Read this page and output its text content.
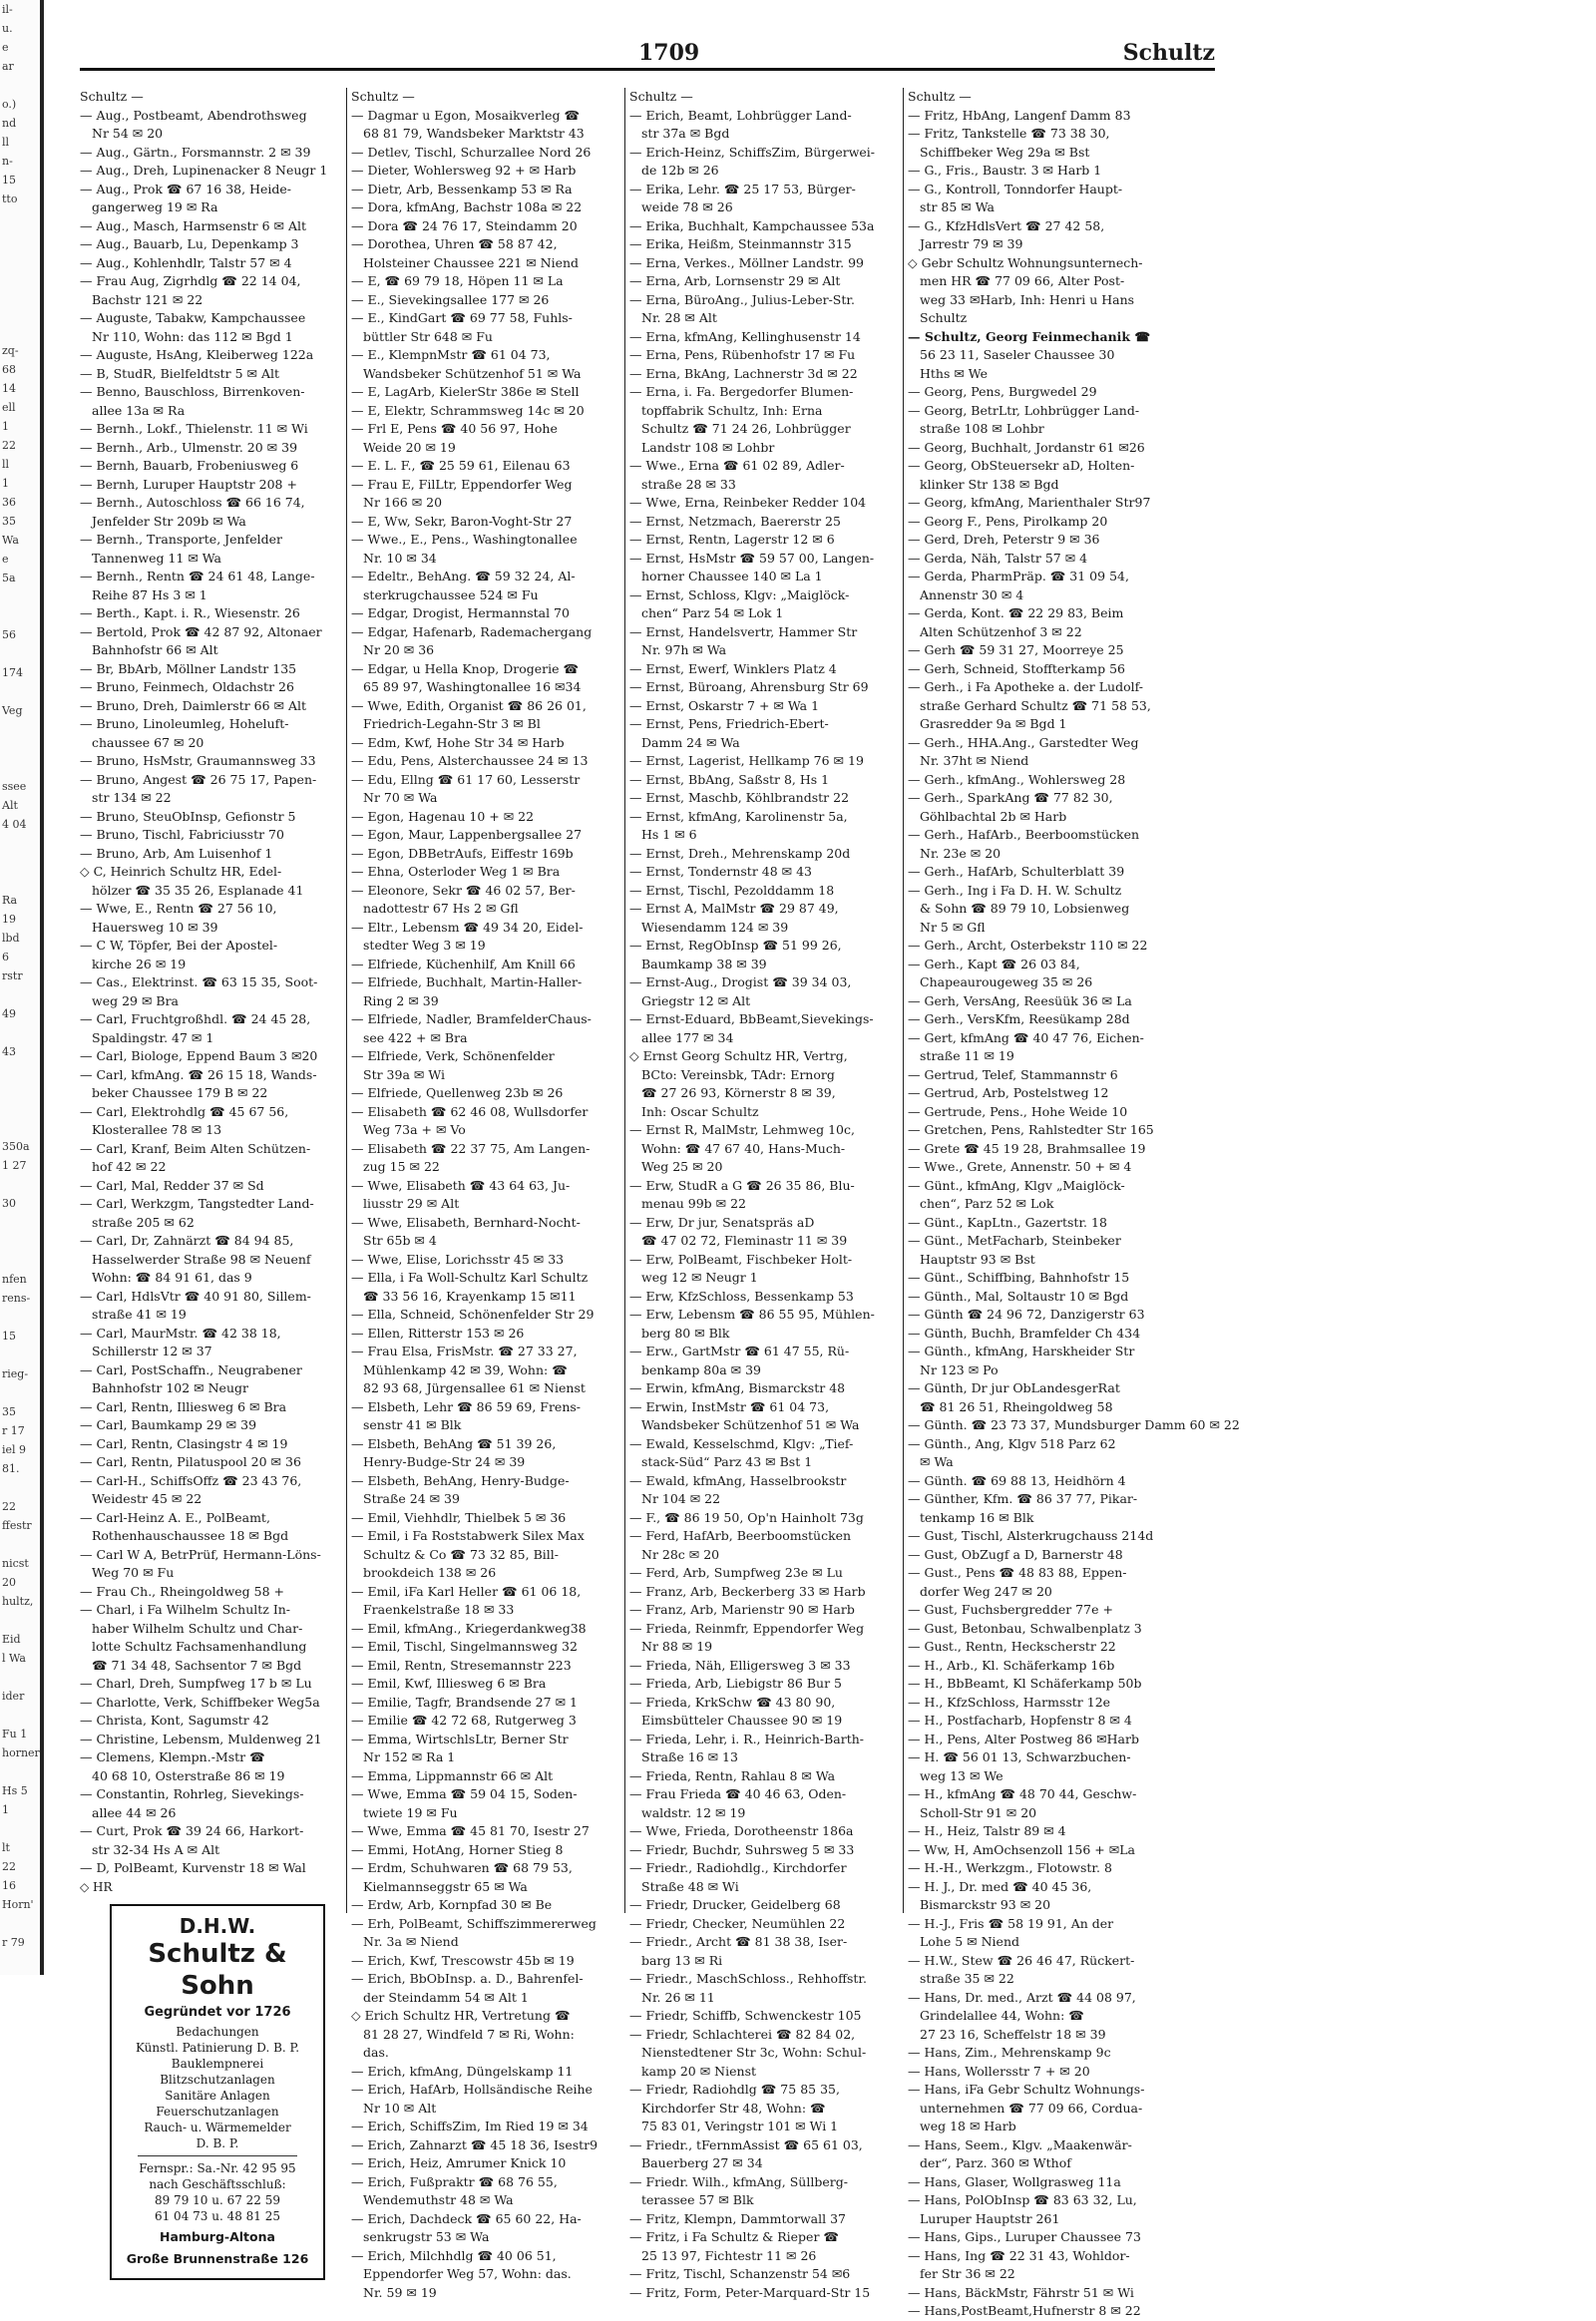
il-
u.
e
ar

o.)
nd
ll
n-
15
tto

zq-
68
14
ell
1
22
ll
1
36
35
Wa
e
5a

56

174

Veg

ssee
Alt
4 04

Ra
19
lbd
6
rstr

49

43

350a
1 27

30

nfen
rens-

15

rieg-

35
r 17
iel 9
81.

22
ffestr

nicst
20
hultz,

Eid
l Wa

ider

Fu 1
horner

Hs 5
1

lt
22
16
Horn'

r 79
1709	Schultz
Schultz —
— Aug., Postbeamt, Abendrothsweg
Nr 54 ✉ 20
— Aug., Gärtn., Forsmannstr. 2 ✉ 39
— Aug., Dreh, Lupinenacker 8 Neugr 1
— Aug., Prok ☎ 67 16 38, Heide-
gangerweg 19 ✉ Ra
— Aug., Masch, Harmsenstr 6 ✉ Alt
— Aug., Bauarb, Lu, Depenkamp 3
— Aug., Kohlenhdlr, Talstr 57 ✉ 4
— Frau Aug, Zigrhdlg ☎ 22 14 04,
Bachstr 121 ✉ 22
— Auguste, Tabakw, Kampchaussee
Nr 110, Wohn: das 112 ✉ Bgd 1
— Auguste, HsAng, Kleiberweg 122a
— B, StudR, Bielfeldtstr 5 ✉ Alt
— Benno, Bauschloss, Birrenkoven-
allee 13a ✉ Ra
— Bernh., Lokf., Thielenstr. 11 ✉ Wi
— Bernh., Arb., Ulmenstr. 20 ✉ 39
— Bernh, Bauarb, Frobeniusweg 6
— Bernh, Luruper Hauptstr 208 +
— Bernh., Autoschloss ☎ 66 16 74,
Jenfelder Str 209b ✉ Wa
— Bernh., Transporte, Jenfelder
Tannenweg 11 ✉ Wa
— Bernh., Rentn ☎ 24 61 48, Lange-
Reihe 87 Hs 3 ✉ 1
— Berth., Kapt. i. R., Wiesenstr. 26
— Bertold, Prok ☎ 42 87 92, Altonaer
Bahnhofstr 66 ✉ Alt
— Br, BbArb, Möllner Landstr 135
— Bruno, Feinmech, Oldachstr 26
— Bruno, Dreh, Daimlerstr 66 ✉ Alt
— Bruno, Linoleumleg, Hoheluft-
chaussee 67 ✉ 20
— Bruno, HsMstr, Graumannsweg 33
— Bruno, Angest ☎ 26 75 17, Papen-
str 134 ✉ 22
— Bruno, SteuObInsp, Gefionstr 5
— Bruno, Tischl, Fabriciusstr 70
— Bruno, Arb, Am Luisenhof 1
◇ C, Heinrich Schultz HR, Edel-
hölzer ☎ 35 35 26, Esplanade 41
— Wwe, E., Rentn ☎ 27 56 10,
Hauersweg 10 ✉ 39
— C W, Töpfer, Bei der Apostel-
kirche 26 ✉ 19
— Cas., Elektrinst. ☎ 63 15 35, Soot-
weg 29 ✉ Bra
— Carl, Fruchtgroßhdl. ☎ 24 45 28,
Spaldingstr. 47 ✉ 1
— Carl, Biologe, Eppend Baum 3 ✉20
— Carl, kfmAng. ☎ 26 15 18, Wands-
beker Chaussee 179 B ✉ 22
— Carl, Elektrohdlg ☎ 45 67 56,
Klosterallee 78 ✉ 13
— Carl, Kranf, Beim Alten Schützen-
hof 42 ✉ 22
— Carl, Mal, Redder 37 ✉ Sd
— Carl, Werkzgm, Tangstedter Land-
straße 205 ✉ 62
— Carl, Dr, Zahnärzt ☎ 84 94 85,
Hasselwerder Straße 98 ✉ Neuenf
Wohn: ☎ 84 91 61, das 9
— Carl, HdlsVtr ☎ 40 91 80, Sillem-
straße 41 ✉ 19
— Carl, MaurMstr. ☎ 42 38 18,
Schillerstr 12 ✉ 37
— Carl, PostSchaffn., Neugrabener
Bahnhofstr 102 ✉ Neugr
— Carl, Rentn, Illiesweg 6 ✉ Bra
— Carl, Baumkamp 29 ✉ 39
— Carl, Rentn, Clasingstr 4 ✉ 19
— Carl, Rentn, Pilatuspool 20 ✉ 36
— Carl-H., SchiffsOffz ☎ 23 43 76,
Weidestr 45 ✉ 22
— Carl-Heinz A. E., PolBeamt,
Rothenhauschaussee 18 ✉ Bgd
— Carl W A, BetrPrüf, Hermann-Löns-
Weg 70 ✉ Fu
— Frau Ch., Rheingoldweg 58 +
— Charl, i Fa Wilhelm Schultz In-
haber Wilhelm Schultz und Char-
lotte Schultz Fachsamenhandlung
☎ 71 34 48, Sachsentor 7 ✉ Bgd
— Charl, Dreh, Sumpfweg 17 b ✉ Lu
— Charlotte, Verk, Schiffbeker Weg5a
— Christa, Kont, Sagumstr 42
— Christine, Lebensm, Muldenweg 21
— Clemens, Klempn.-Mstr ☎
40 68 10, Osterstraße 86 ✉ 19
— Constantin, Rohrleg, Sievekings-
allee 44 ✉ 26
— Curt, Prok ☎ 39 24 66, Harkort-
str 32-34 Hs A ✉ Alt
— D, PolBeamt, Kurvenstr 18 ✉ Wal
◇ HR
D.H.W.
Schultz & Sohn
Gegründet vor 1726
Bedachungen
Künstl. Patinierung D. B. P.
Bauklempnerei
Blitzschutzanlagen
Sanitäre Anlagen
Feuerschutzanlagen
Rauch- u. Wärmemelder
D. B. P.
Fernspr.: Sa.-Nr. 42 95 95
nach Geschäftsschluß:
89 79 10 u. 67 22 59
61 04 73 u. 48 81 25
Hamburg-Altona
Große Brunnenstraße 126
Schultz —
— Dagmar u Egon, Mosaikverleg ☎
68 81 79, Wandsbeker Marktstr 43
— Detlev, Tischl, Schurzallee Nord 26
— Dieter, Wohlersweg 92 + ✉ Harb
— Dietr, Arb, Bessenkamp 53 ✉ Ra
— Dora, kfmAng, Bachstr 108a ✉ 22
— Dora ☎ 24 76 17, Steindamm 20
— Dorothea, Uhren ☎ 58 87 42,
Holsteiner Chaussee 221 ✉ Niend
— E, ☎ 69 79 18, Höpen 11 ✉ La
— E., Sievekingsallee 177 ✉ 26
— E., KindGart ☎ 69 77 58, Fuhls-
büttler Str 648 ✉ Fu
— E., KlempnMstr ☎ 61 04 73,
Wandsbeker Schützenhof 51 ✉ Wa
— E, LagArb, KielerStr 386e ✉ Stell
— E, Elektr, Schrammsweg 14c ✉ 20
— Frl E, Pens ☎ 40 56 97, Hohe
Weide 20 ✉ 19
— E. L. F., ☎ 25 59 61, Eilenau 63
— Frau E, FilLtr, Eppendorfer Weg
Nr 166 ✉ 20
— E, Ww, Sekr, Baron-Voght-Str 27
— Wwe., E., Pens., Washingtonallee
Nr. 10 ✉ 34
— Edeltr., BehAng. ☎ 59 32 24, Al-
sterkrugchaussee 524 ✉ Fu
— Edgar, Drogist, Hermannstal 70
— Edgar, Hafenarb, Rademachergang
Nr 20 ✉ 36
— Edgar, u Hella Knop, Drogerie ☎
65 89 97, Washingtonallee 16 ✉34
— Wwe, Edith, Organist ☎ 86 26 01,
Friedrich-Legahn-Str 3 ✉ Bl
— Edm, Kwf, Hohe Str 34 ✉ Harb
— Edu, Pens, Alsterchaussee 24 ✉ 13
— Edu, Ellng ☎ 61 17 60, Lesserstr
Nr 70 ✉ Wa
— Egon, Hagenau 10 + ✉ 22
— Egon, Maur, Lappenbergsallee 27
— Egon, DBBetrAufs, Eiffestr 169b
— Ehna, Osterloder Weg 1 ✉ Bra
— Eleonore, Sekr ☎ 46 02 57, Ber-
nadottestr 67 Hs 2 ✉ Gfl
— Eltr., Lebensm ☎ 49 34 20, Eidel-
stedter Weg 3 ✉ 19
— Elfriede, Küchenhilf, Am Knill 66
— Elfriede, Buchhalt, Martin-Haller-
Ring 2 ✉ 39
— Elfriede, Nadler, BramfelderChaus-
see 422 + ✉ Bra
— Elfriede, Verk, Schönenfelder
Str 39a ✉ Wi
— Elfriede, Quellenweg 23b ✉ 26
— Elisabeth ☎ 62 46 08, Wullsdorfer
Weg 73a + ✉ Vo
— Elisabeth ☎ 22 37 75, Am Langen-
zug 15 ✉ 22
— Wwe, Elisabeth ☎ 43 64 63, Ju-
liusstr 29 ✉ Alt
— Wwe, Elisabeth, Bernhard-Nocht-
Str 65b ✉ 4
— Wwe, Elise, Lorichsstr 45 ✉ 33
— Ella, i Fa Woll-Schultz Karl Schultz
☎ 33 56 16, Krayenkamp 15 ✉11
— Ella, Schneid, Schönenfelder Str 29
— Ellen, Ritterstr 153 ✉ 26
— Frau Elsa, FrisMstr. ☎ 27 33 27,
Mühlenkamp 42 ✉ 39, Wohn: ☎
82 93 68, Jürgensallee 61 ✉ Nienst
— Elsbeth, Lehr ☎ 86 59 69, Frens-
senstr 41 ✉ Blk
— Elsbeth, BehAng ☎ 51 39 26,
Henry-Budge-Str 24 ✉ 39
— Elsbeth, BehAng, Henry-Budge-
Straße 24 ✉ 39
— Emil, Viehhdlr, Thielbek 5 ✉ 36
— Emil, i Fa Roststabwerk Silex Max
Schultz & Co ☎ 73 32 85, Bill-
brookdeich 138 ✉ 26
— Emil, iFa Karl Heller ☎ 61 06 18,
Fraenkelstraße 18 ✉ 33
— Emil, kfmAng., Kriegerdankweg38
— Emil, Tischl, Singelmannsweg 32
— Emil, Rentn, Stresemannstr 223
— Emil, Kwf, Illiesweg 6 ✉ Bra
— Emilie, Tagfr, Brandsende 27 ✉ 1
— Emilie ☎ 42 72 68, Rutgerweg 3
— Emma, WirtschlsLtr, Berner Str
Nr 152 ✉ Ra 1
— Emma, Lippmannstr 66 ✉ Alt
— Wwe, Emma ☎ 59 04 15, Soden-
twiete 19 ✉ Fu
— Wwe, Emma ☎ 45 81 70, Isestr 27
— Emmi, HotAng, Horner Stieg 8
— Erdm, Schuhwaren ☎ 68 79 53,
Kielmannseggstr 65 ✉ Wa
— Erdw, Arb, Kornpfad 30 ✉ Be
— Erh, PolBeamt, Schiffszimmererweg
Nr. 3a ✉ Niend
— Erich, Kwf, Trescowstr 45b ✉ 19
— Erich, BbObInsp. a. D., Bahrenfel-
der Steindamm 54 ✉ Alt 1
◇ Erich Schultz HR, Vertretung ☎
81 28 27, Windfeld 7 ✉ Ri, Wohn:
das.
— Erich, kfmAng, Düngelskamp 11
— Erich, HafArb, Hollsändische Reihe
Nr 10 ✉ Alt
— Erich, SchiffsZim, Im Ried 19 ✉ 34
— Erich, Zahnarzt ☎ 45 18 36, Isestr9
— Erich, Heiz, Amrumer Knick 10
— Erich, Fußpraktr ☎ 68 76 55,
Wendemuthstr 48 ✉ Wa
— Erich, Dachdeck ☎ 65 60 22, Ha-
senkrugstr 53 ✉ Wa
— Erich, Milchhdlg ☎ 40 06 51,
Eppendorfer Weg 57, Wohn: das.
Nr. 59 ✉ 19
Schultz —
— Erich, Beamt, Lohbrügger Land-
str 37a ✉ Bgd
— Erich-Heinz, SchiffsZim, Bürgerwei-
de 12b ✉ 26
— Erika, Lehr. ☎ 25 17 53, Bürger-
weide 78 ✉ 26
— Erika, Buchhalt, Kampchaussee 53a
— Erika, Heißm, Steinmannstr 315
— Erna, Verkes., Möllner Landstr. 99
— Erna, Arb, Lornsenstr 29 ✉ Alt
— Erna, BüroAng., Julius-Leber-Str.
Nr. 28 ✉ Alt
— Erna, kfmAng, Kellinghusenstr 14
— Erna, Pens, Rübenhofstr 17 ✉ Fu
— Erna, BkAng, Lachnerstr 3d ✉ 22
— Erna, i. Fa. Bergedorfer Blumen-
topffabrik Schultz, Inh: Erna
Schultz ☎ 71 24 26, Lohbrügger
Landstr 108 ✉ Lohbr
— Wwe., Erna ☎ 61 02 89, Adler-
straße 28 ✉ 33
— Wwe, Erna, Reinbeker Redder 104
— Ernst, Netzmach, Baererstr 25
— Ernst, Rentn, Lagerstr 12 ✉ 6
— Ernst, HsMstr ☎ 59 57 00, Langen-
horner Chaussee 140 ✉ La 1
— Ernst, Schloss, Klgv: „Maiglöck-
chen“ Parz 54 ✉ Lok 1
— Ernst, Handelsvertr, Hammer Str
Nr. 97h ✉ Wa
— Ernst, Ewerf, Winklers Platz 4
— Ernst, Büroang, Ahrensburg Str 69
— Ernst, Oskarstr 7 + ✉ Wa 1
— Ernst, Pens, Friedrich-Ebert-
Damm 24 ✉ Wa
— Ernst, Lagerist, Hellkamp 76 ✉ 19
— Ernst, BbAng, Saßstr 8, Hs 1
— Ernst, Maschb, Köhlbrandstr 22
— Ernst, kfmAng, Karolinenstr 5a,
Hs 1 ✉ 6
— Ernst, Dreh., Mehrenskamp 20d
— Ernst, Tondernstr 48 ✉ 43
— Ernst, Tischl, Pezolddamm 18
— Ernst A, MalMstr ☎ 29 87 49,
Wiesendamm 124 ✉ 39
— Ernst, RegObInsp ☎ 51 99 26,
Baumkamp 38 ✉ 39
— Ernst-Aug., Drogist ☎ 39 34 03,
Griegstr 12 ✉ Alt
— Ernst-Eduard, BbBeamt,Sievekings-
allee 177 ✉ 34
◇ Ernst Georg Schultz HR, Vertrg,
BCto: Vereinsbk, TAdr: Ernorg
☎ 27 26 93, Körnerstr 8 ✉ 39,
Inh: Oscar Schultz
— Ernst R, MalMstr, Lehmweg 10c,
Wohn: ☎ 47 67 40, Hans-Much-
Weg 25 ✉ 20
— Erw, StudR a G ☎ 26 35 86, Blu-
menau 99b ✉ 22
— Erw, Dr jur, Senatspräs aD
☎ 47 02 72, Fleminastr 11 ✉ 39
— Erw, PolBeamt, Fischbeker Holt-
weg 12 ✉ Neugr 1
— Erw, KfzSchloss, Bessenkamp 53
— Erw, Lebensm ☎ 86 55 95, Mühlen-
berg 80 ✉ Blk
— Erw., GartMstr ☎ 61 47 55, Rü-
benkamp 80a ✉ 39
— Erwin, kfmAng, Bismarckstr 48
— Erwin, InstMstr ☎ 61 04 73,
Wandsbeker Schützenhof 51 ✉ Wa
— Ewald, Kesselschmd, Klgv: „Tief-
stack-Süd“ Parz 43 ✉ Bst 1
— Ewald, kfmAng, Hasselbrookstr
Nr 104 ✉ 22
— F., ☎ 86 19 50, Op'n Hainholt 73g
— Ferd, HafArb, Beerboomstücken
Nr 28c ✉ 20
— Ferd, Arb, Sumpfweg 23e ✉ Lu
— Franz, Arb, Beckerberg 33 ✉ Harb
— Franz, Arb, Marienstr 90 ✉ Harb
— Frieda, Reinmfr, Eppendorfer Weg
Nr 88 ✉ 19
— Frieda, Näh, Elligersweg 3 ✉ 33
— Frieda, Arb, Liebigstr 86 Bur 5
— Frieda, KrkSchw ☎ 43 80 90,
Eimsbütteler Chaussee 90 ✉ 19
— Frieda, Lehr, i. R., Heinrich-Barth-
Straße 16 ✉ 13
— Frieda, Rentn, Rahlau 8 ✉ Wa
— Frau Frieda ☎ 40 46 63, Oden-
waldstr. 12 ✉ 19
— Wwe, Frieda, Dorotheenstr 186a
— Friedr, Buchdr, Suhrsweg 5 ✉ 33
— Friedr., Radiohdlg., Kirchdorfer
Straße 48 ✉ Wi
— Friedr, Drucker, Geidelberg 68
— Friedr, Checker, Neumühlen 22
— Friedr., Archt ☎ 81 38 38, Iser-
barg 13 ✉ Ri
— Friedr., MaschSchloss., Rehhoffstr.
Nr. 26 ✉ 11
— Friedr, Schiffb, Schwenckestr 105
— Friedr, Schlachterei ☎ 82 84 02,
Nienstedtener Str 3c, Wohn: Schul-
kamp 20 ✉ Nienst
— Friedr, Radiohdlg ☎ 75 85 35,
Kirchdorfer Str 48, Wohn: ☎
75 83 01, Veringstr 101 ✉ Wi 1
— Friedr., tFernmAssist ☎ 65 61 03,
Bauerberg 27 ✉ 34
— Friedr. Wilh., kfmAng, Süllberg-
terassee 57 ✉ Blk
— Fritz, Klempn, Dammtorwall 37
— Fritz, i Fa Schultz & Rieper ☎
25 13 97, Fichtestr 11 ✉ 26
— Fritz, Tischl, Schanzenstr 54 ✉6
— Fritz, Form, Peter-Marquard-Str 15
Schultz —
— Fritz, HbAng, Langenf Damm 83
— Fritz, Tankstelle ☎ 73 38 30,
Schiffbeker Weg 29a ✉ Bst
— G., Fris., Baustr. 3 ✉ Harb 1
— G., Kontroll, Tonndorfer Haupt-
str 85 ✉ Wa
— G., KfzHdlsVert ☎ 27 42 58,
Jarrestr 79 ✉ 39
◇ Gebr Schultz Wohnungsunternech-
men HR ☎ 77 09 66, Alter Post-
weg 33 ✉Harb, Inh: Henri u Hans
Schultz
— Schultz, Georg Feinmechanik ☎
56 23 11, Saseler Chaussee 30
Hths ✉ We
— Georg, Pens, Burgwedel 29
— Georg, BetrLtr, Lohbrügger Land-
straße 108 ✉ Lohbr
— Georg, Buchhalt, Jordanstr 61 ✉26
— Georg, ObSteuersekr aD, Holten-
klinker Str 138 ✉ Bgd
— Georg, kfmAng, Marienthaler Str97
— Georg F., Pens, Pirolkamp 20
— Gerd, Dreh, Peterstr 9 ✉ 36
— Gerda, Näh, Talstr 57 ✉ 4
— Gerda, PharmPräp. ☎ 31 09 54,
Annenstr 30 ✉ 4
— Gerda, Kont. ☎ 22 29 83, Beim
Alten Schützenhof 3 ✉ 22
— Gerh ☎ 59 31 27, Moorreye 25
— Gerh, Schneid, Stoffterkamp 56
— Gerh., i Fa Apotheke a. der Ludolf-
straße Gerhard Schultz ☎ 71 58 53,
Grasredder 9a ✉ Bgd 1
— Gerh., HHA.Ang., Garstedter Weg
Nr. 37ht ✉ Niend
— Gerh., kfmAng., Wohlersweg 28
— Gerh., SparkAng ☎ 77 82 30,
Göhlbachtal 2b ✉ Harb
— Gerh., HafArb., Beerboomstücken
Nr. 23e ✉ 20
— Gerh., HafArb, Schulterblatt 39
— Gerh., Ing i Fa D. H. W. Schultz
& Sohn ☎ 89 79 10, Lobsienweg
Nr 5 ✉ Gfl
— Gerh., Archt, Osterbekstr 110 ✉ 22
— Gerh., Kapt ☎ 26 03 84,
Chapeaurougeweg 35 ✉ 26
— Gerh, VersAng, Reesüük 36 ✉ La
— Gerh., VersKfm, Reesükamp 28d
— Gert, kfmAng ☎ 40 47 76, Eichen-
straße 11 ✉ 19
— Gertrud, Telef, Stammannstr 6
— Gertrud, Arb, Postelstweg 12
— Gertrude, Pens., Hohe Weide 10
— Gretchen, Pens, Rahlstedter Str 165
— Grete ☎ 45 19 28, Brahmsallee 19
— Wwe., Grete, Annenstr. 50 + ✉ 4
— Günt., kfmAng, Klgv „Maiglöck-
chen“, Parz 52 ✉ Lok
— Günt., KapLtn., Gazertstr. 18
— Günt., MetFacharb, Steinbeker
Hauptstr 93 ✉ Bst
— Günt., Schiffbing, Bahnhofstr 15
— Günth., Mal, Soltaustr 10 ✉ Bgd
— Günth ☎ 24 96 72, Danzigerstr 63
— Günth, Buchh, Bramfelder Ch 434
— Günth., kfmAng, Harskheider Str
Nr 123 ✉ Po
— Günth, Dr jur ObLandesgerRat
☎ 81 26 51, Rheingoldweg 58
— Günth. ☎ 23 73 37, Mundsburger Damm 60 ✉ 22
— Günth., Ang, Klgv 518 Parz 62
✉ Wa
— Günth. ☎ 69 88 13, Heidhörn 4
— Günther, Kfm. ☎ 86 37 77, Pikar-
tenkamp 16 ✉ Blk
— Gust, Tischl, Alsterkrugchauss 214d
— Gust, ObZugf a D, Barnerstr 48
— Gust., Pens ☎ 48 83 88, Eppen-
dorfer Weg 247 ✉ 20
— Gust, Fuchsbergredder 77e +
— Gust, Betonbau, Schwalbenplatz 3
— Gust., Rentn, Heckscherstr 22
— H., Arb., Kl. Schäferkamp 16b
— H., BbBeamt, Kl Schäferkamp 50b
— H., KfzSchloss, Harmsstr 12e
— H., Postfacharb, Hopfenstr 8 ✉ 4
— H., Pens, Alter Postweg 86 ✉Harb
— H. ☎ 56 01 13, Schwarzbuchen-
weg 13 ✉ We
— H., kfmAng ☎ 48 70 44, Geschw-
Scholl-Str 91 ✉ 20
— H., Heiz, Talstr 89 ✉ 4
— Ww, H, AmOchsenzoll 156 + ✉La
— H.-H., Werkzgm., Flotowstr. 8
— H. J., Dr. med ☎ 40 45 36,
Bismarckstr 93 ✉ 20
— H.-J., Fris ☎ 58 19 91, An der
Lohe 5 ✉ Niend
— H.W., Stew ☎ 26 46 47, Rückert-
straße 35 ✉ 22
— Hans, Dr. med., Arzt ☎ 44 08 97,
Grindelallee 44, Wohn: ☎
27 23 16, Scheffelstr 18 ✉ 39
— Hans, Zim., Mehrenskamp 9c
— Hans, Wollersstr 7 + ✉ 20
— Hans, iFa Gebr Schultz Wohnungs-
unternehmen ☎ 77 09 66, Cordua-
weg 18 ✉ Harb
— Hans, Seem., Klgv. „Maakenwär-
der“, Parz. 360 ✉ Wthof
— Hans, Glaser, Wollgrasweg 11a
— Hans, PolObInsp ☎ 83 63 32, Lu,
Luruper Hauptstr 261
— Hans, Gips., Luruper Chaussee 73
— Hans, Ing ☎ 22 31 43, Wohldor-
fer Str 36 ✉ 22
— Hans, BäckMstr, Fährstr 51 ✉ Wi
— Hans,PostBeamt,Hufnerstr 8 ✉ 22
